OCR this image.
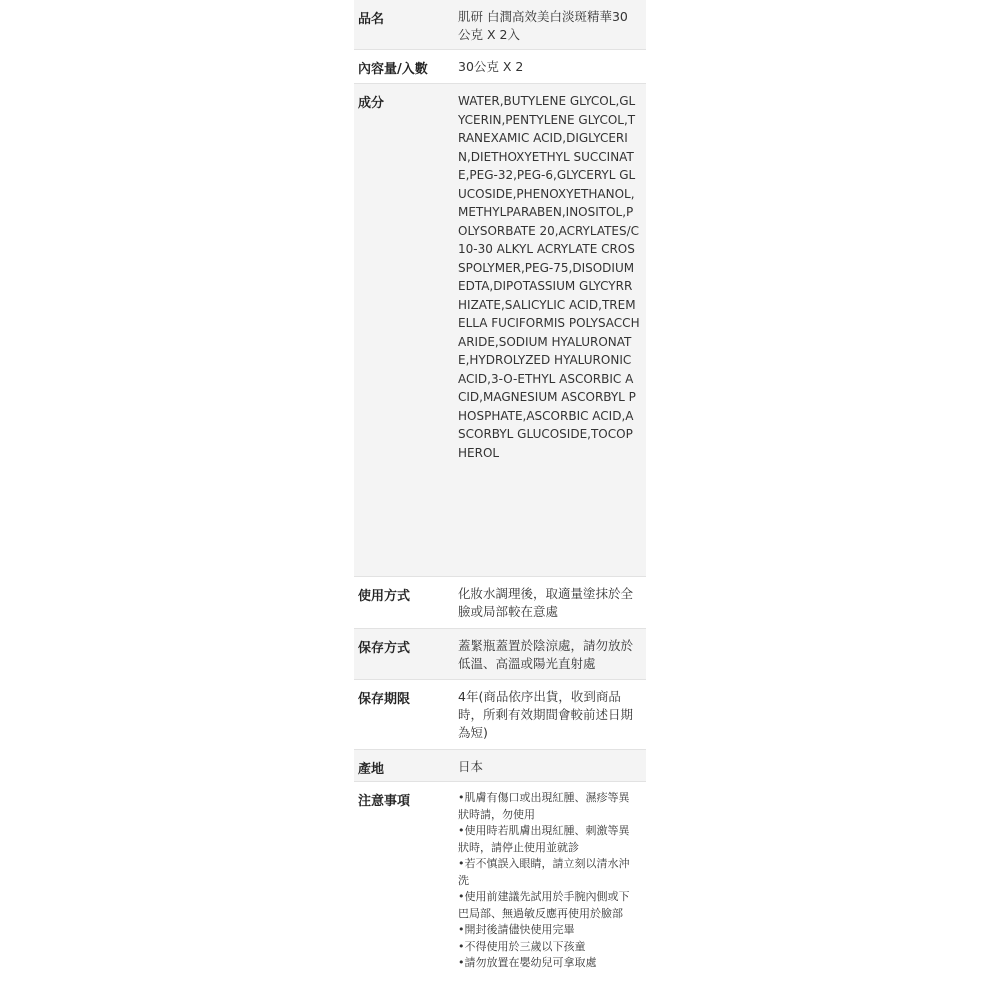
品名	肌研 白潤高效美白淡斑精華30公克 X 2入
內容量/入數	30公克 X 2
成分	WATER,BUTYLENE GLYCOL,GLYCERIN,PENTYLENE GLYCOL,TRANEXAMIC ACID,DIGLYCERIN,DIETHOXYETHYL SUCCINATE,PEG-32,PEG-6,GLYCERYL GLUCOSIDE,PHENOXYETHANOL,METHYLPARABEN,INOSITOL,POLYSORBATE 20,ACRYLATES/C10-30 ALKYL ACRYLATE CROSSPOLYMER,PEG-75,DISODIUM EDTA,DIPOTASSIUM GLYCYRRHIZATE,SALICYLIC ACID,TREMELLA FUCIFORMIS POLYSACCHARIDE,SODIUM HYALURONATE,HYDROLYZED HYALURONIC ACID,3-O-ETHYL ASCORBIC ACID,MAGNESIUM ASCORBYL PHOSPHATE,ASCORBIC ACID,ASCORBYL GLUCOSIDE,TOCOPHEROL
使用方式	化妝水調理後，取適量塗抹於全臉或局部較在意處
保存方式	蓋緊瓶蓋置於陰涼處，請勿放於低溫、高溫或陽光直射處
保存期限	4年(商品依序出貨，收到商品時，所剩有效期間會較前述日期為短)
產地	日本
注意事項	•肌膚有傷口或出現紅腫、濕疹等異狀時請，勿使用
•使用時若肌膚出現紅腫、刺激等異狀時，請停止使用並就診
•若不慎誤入眼睛，請立刻以清水沖洗
•使用前建議先試用於手腕內側或下巴局部、無過敏反應再使用於臉部
•開封後請儘快使用完畢
•不得使用於三歲以下孩童
•請勿放置在嬰幼兒可拿取處
